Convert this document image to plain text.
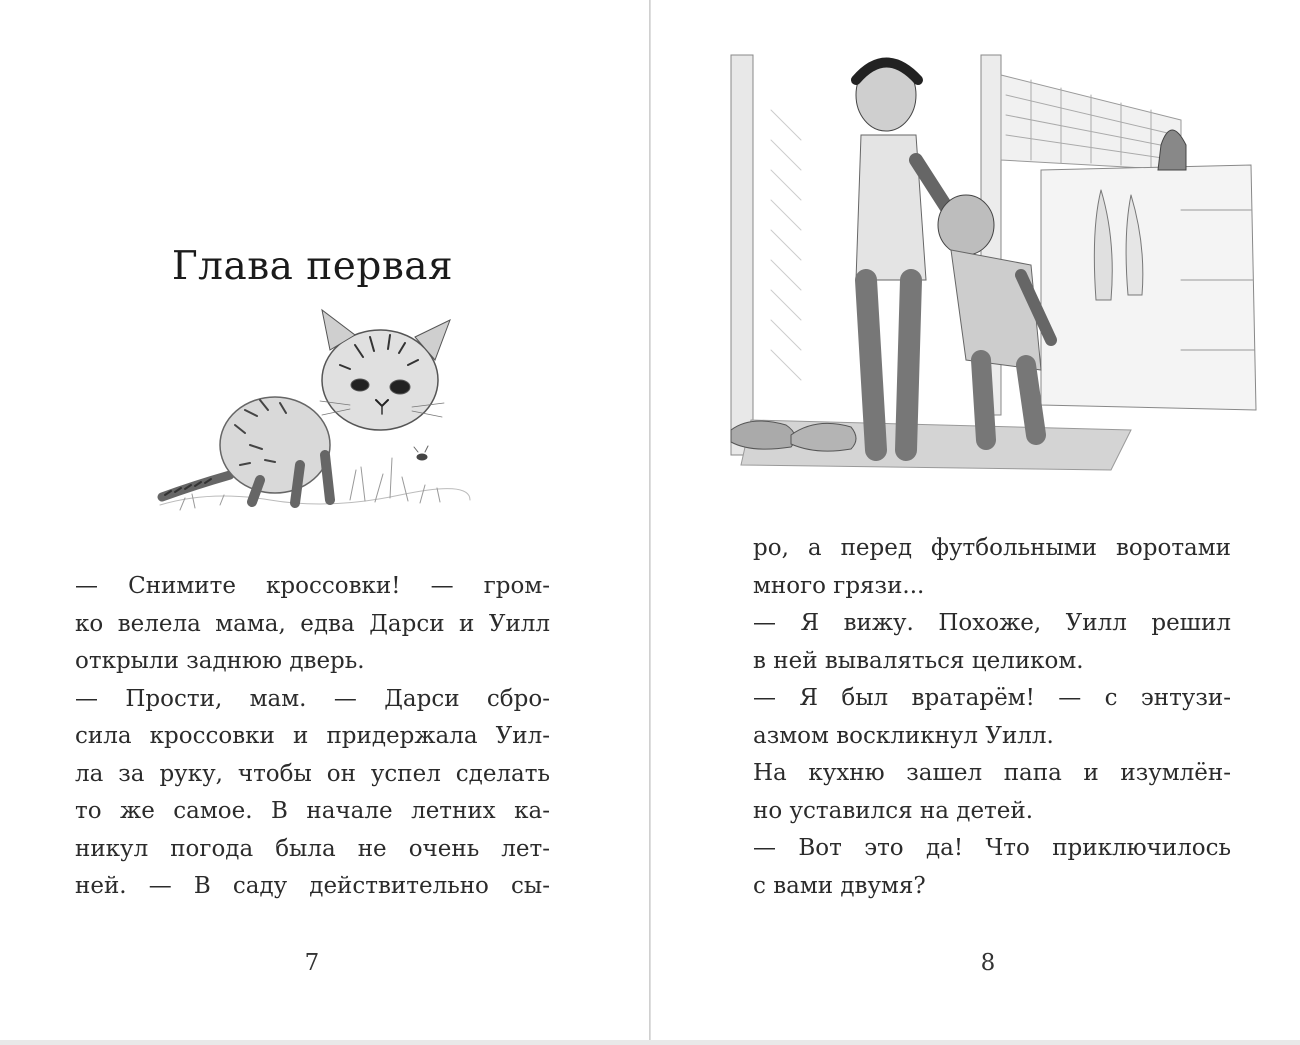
Глава первая
— Снимите кроссовки! — гром-
ко велела мама, едва Дарси и Уилл
открыли заднюю дверь.
— Прости, мам. — Дарси сбро-
сила кроссовки и придержала Уил-
ла за руку, чтобы он успел сделать
то же самое. В начале летних ка-
никул погода была не очень лет-
ней. — В саду действительно сы-
7
ро, а перед футбольными воротами
много грязи...
— Я вижу. Похоже, Уилл решил
в ней вываляться целиком.
— Я был вратарём! — с энтузи-
азмом воскликнул Уилл.
На кухню зашел папа и изумлён-
но уставился на детей.
— Вот это да! Что приключилось
с вами двумя?
8
